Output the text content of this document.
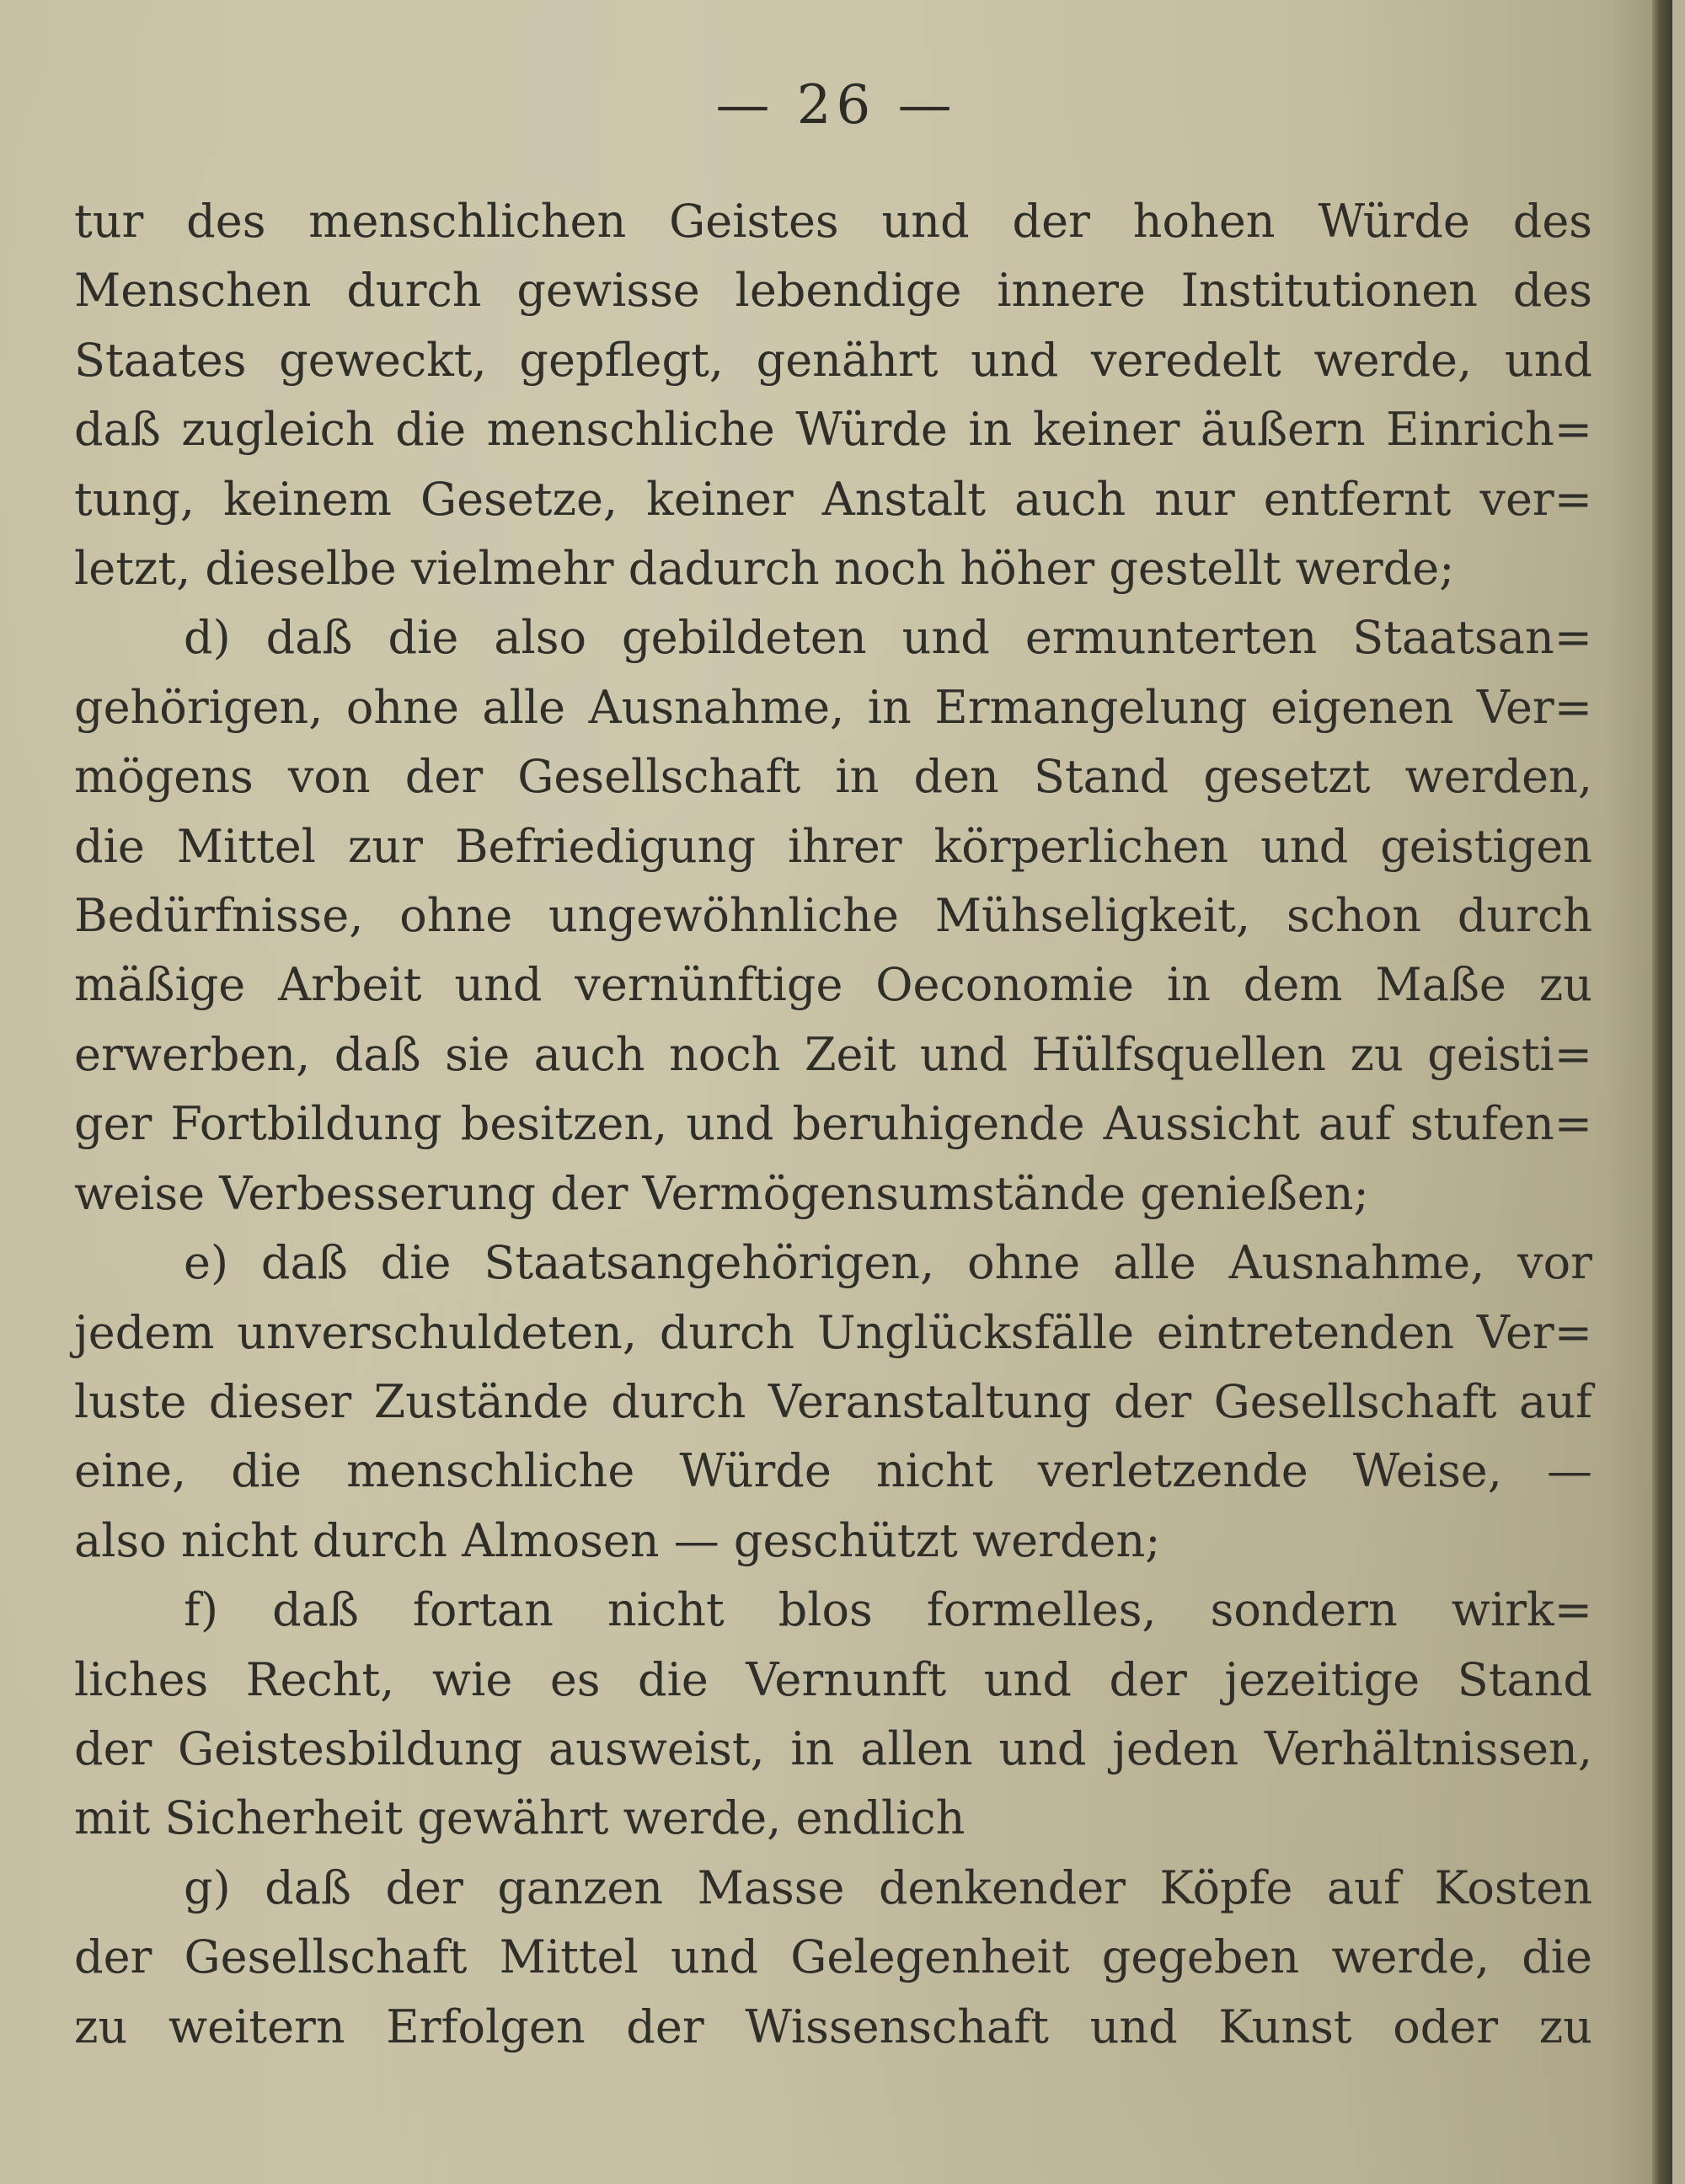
— 26 —
tur des menschlichen Geistes und der hohen Würde des
Menschen durch gewisse lebendige innere Institutionen des
Staates geweckt, gepflegt, genährt und veredelt werde, und
daß zugleich die menschliche Würde in keiner äußern Einrich=
tung, keinem Gesetze, keiner Anstalt auch nur entfernt ver=
letzt, dieselbe vielmehr dadurch noch höher gestellt werde;
d) daß die also gebildeten und ermunterten Staatsan=
gehörigen, ohne alle Ausnahme, in Ermangelung eigenen Ver=
mögens von der Gesellschaft in den Stand gesetzt werden,
die Mittel zur Befriedigung ihrer körperlichen und geistigen
Bedürfnisse, ohne ungewöhnliche Mühseligkeit, schon durch
mäßige Arbeit und vernünftige Oeconomie in dem Maße zu
erwerben, daß sie auch noch Zeit und Hülfsquellen zu geisti=
ger Fortbildung besitzen, und beruhigende Aussicht auf stufen=
weise Verbesserung der Vermögensumstände genießen;
e) daß die Staatsangehörigen, ohne alle Ausnahme, vor
jedem unverschuldeten, durch Unglücksfälle eintretenden Ver=
luste dieser Zustände durch Veranstaltung der Gesellschaft auf
eine, die menschliche Würde nicht verletzende Weise, —
also nicht durch Almosen — geschützt werden;
f) daß fortan nicht blos formelles, sondern wirk=
liches Recht, wie es die Vernunft und der jezeitige Stand
der Geistesbildung ausweist, in allen und jeden Verhältnissen,
mit Sicherheit gewährt werde, endlich
g) daß der ganzen Masse denkender Köpfe auf Kosten
der Gesellschaft Mittel und Gelegenheit gegeben werde, die
zu weitern Erfolgen der Wissenschaft und Kunst oder zu
